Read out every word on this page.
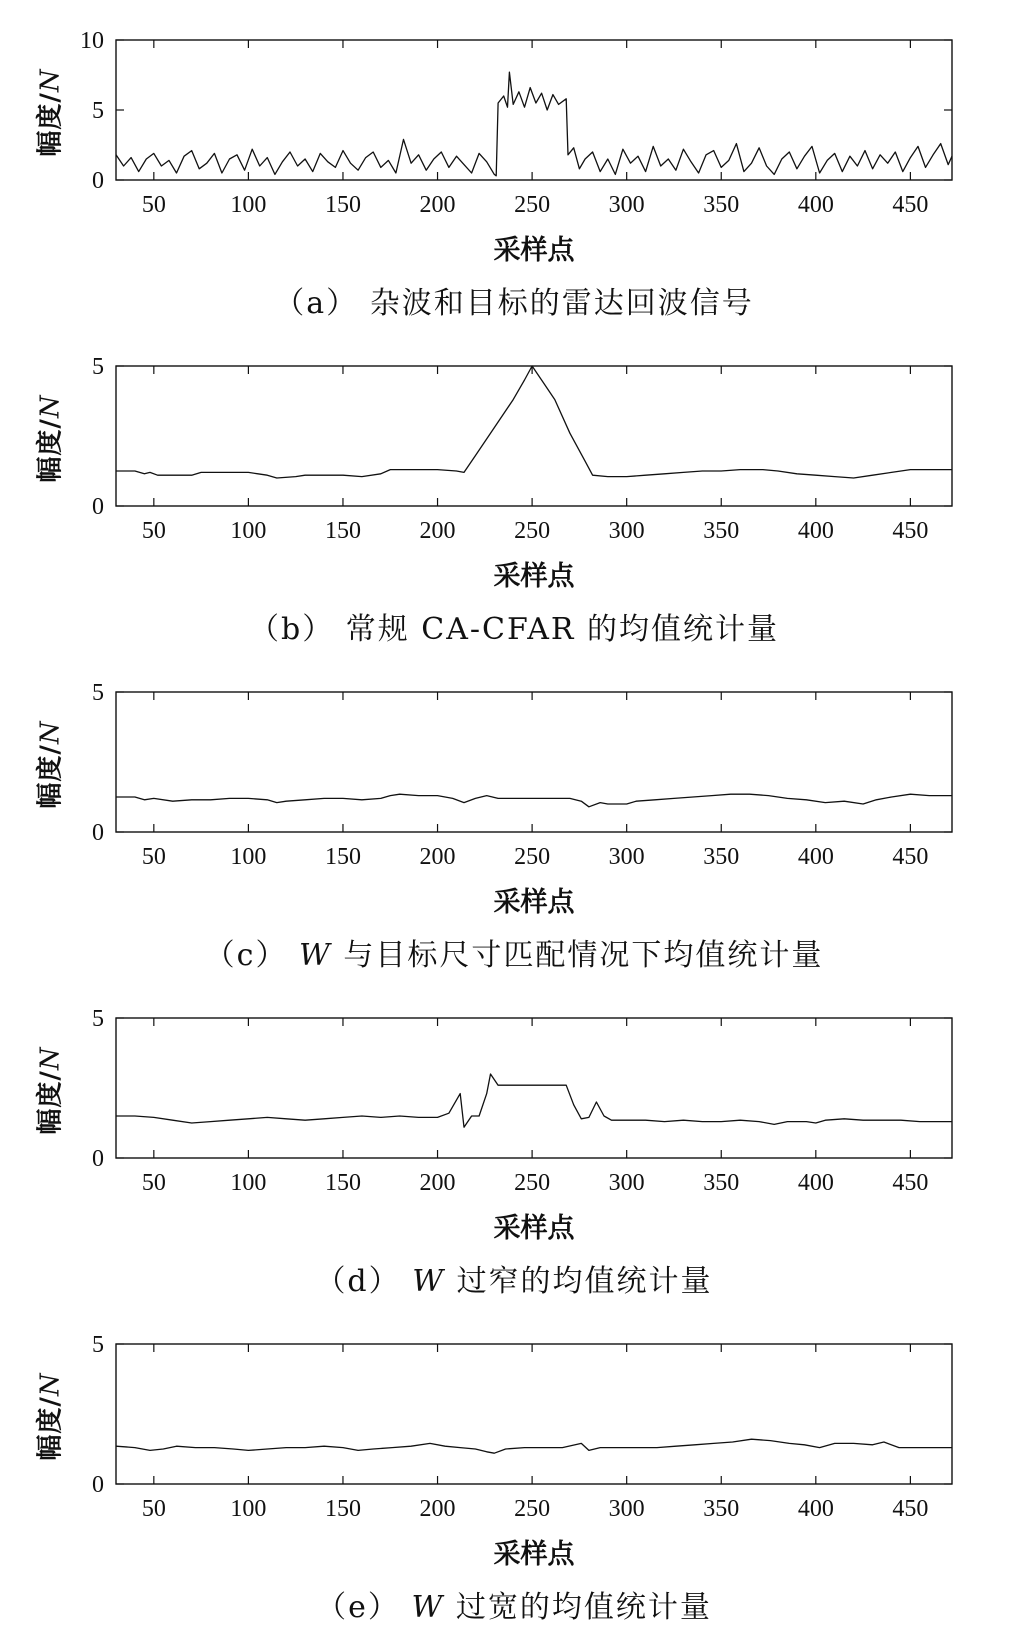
50	100 150 200 250 300 350 400 450
0
5
10
幅度/N
采样点
（a） 杂波和目标的雷达回波信号
50	100 150 200 250 300 350 400 450
0
5
幅度/N
采样点
（b） 常规 CA-CFAR 的均值统计量
50	100 150 200 250 300 350 400 450
0
5
幅度/N
采样点
（c） W 与目标尺寸匹配情况下均值统计量
50	100 150 200 250 300 350 400 450
0
5
幅度/N
采样点
（d） W 过窄的均值统计量
50	100 150 200 250 300 350 400 450
0
5
幅度/N
采样点
（e） W 过宽的均值统计量
